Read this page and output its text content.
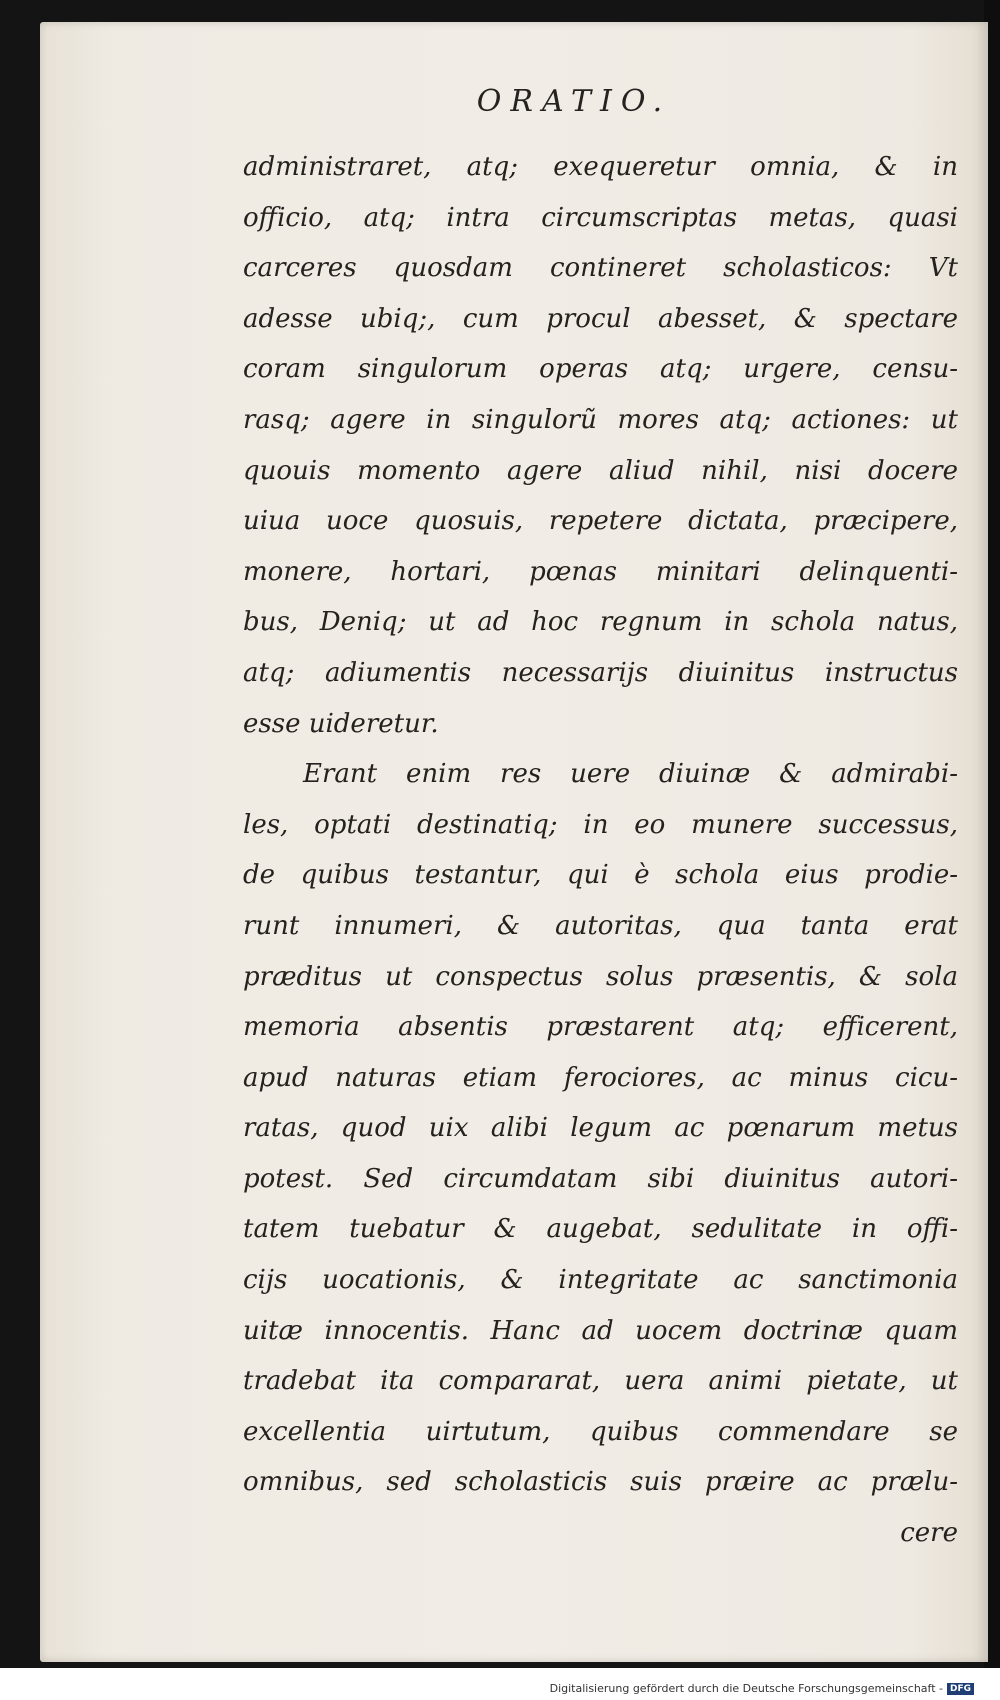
ORATIO.
administraret, atq; exequeretur omnia, & in
officio, atq; intra circumscriptas metas, quasi
carceres quosdam contineret scholasticos: Vt
adesse ubiq;, cum procul abesset, & spectare
coram singulorum operas atq; urgere, censu-
rasq; agere in singulorũ mores atq; actiones: ut
quouis momento agere aliud nihil, nisi docere
uiua uoce quosuis, repetere dictata, præcipere,
monere, hortari, pœnas minitari delinquenti-
bus, Deniq; ut ad hoc regnum in schola natus,
atq; adiumentis necessarijs diuinitus instructus
esse uideretur.
Erant enim res uere diuinæ & admirabi-
les, optati destinatiq; in eo munere successus,
de quibus testantur, qui è schola eius prodie-
runt innumeri, & autoritas, qua tanta erat
præditus ut conspectus solus præsentis, & sola
memoria absentis præstarent atq; efficerent,
apud naturas etiam ferociores, ac minus cicu-
ratas, quod uix alibi legum ac pœnarum metus
potest. Sed circumdatam sibi diuinitus autori-
tatem tuebatur & augebat, sedulitate in offi-
cijs uocationis, & integritate ac sanctimonia
uitæ innocentis. Hanc ad uocem doctrinæ quam
tradebat ita compararat, uera animi pietate, ut
excellentia uirtutum, quibus commendare se
omnibus, sed scholasticis suis præire ac prælu-
cere
Digitalisierung gefördert durch die Deutsche Forschungsgemeinschaft - DFG
